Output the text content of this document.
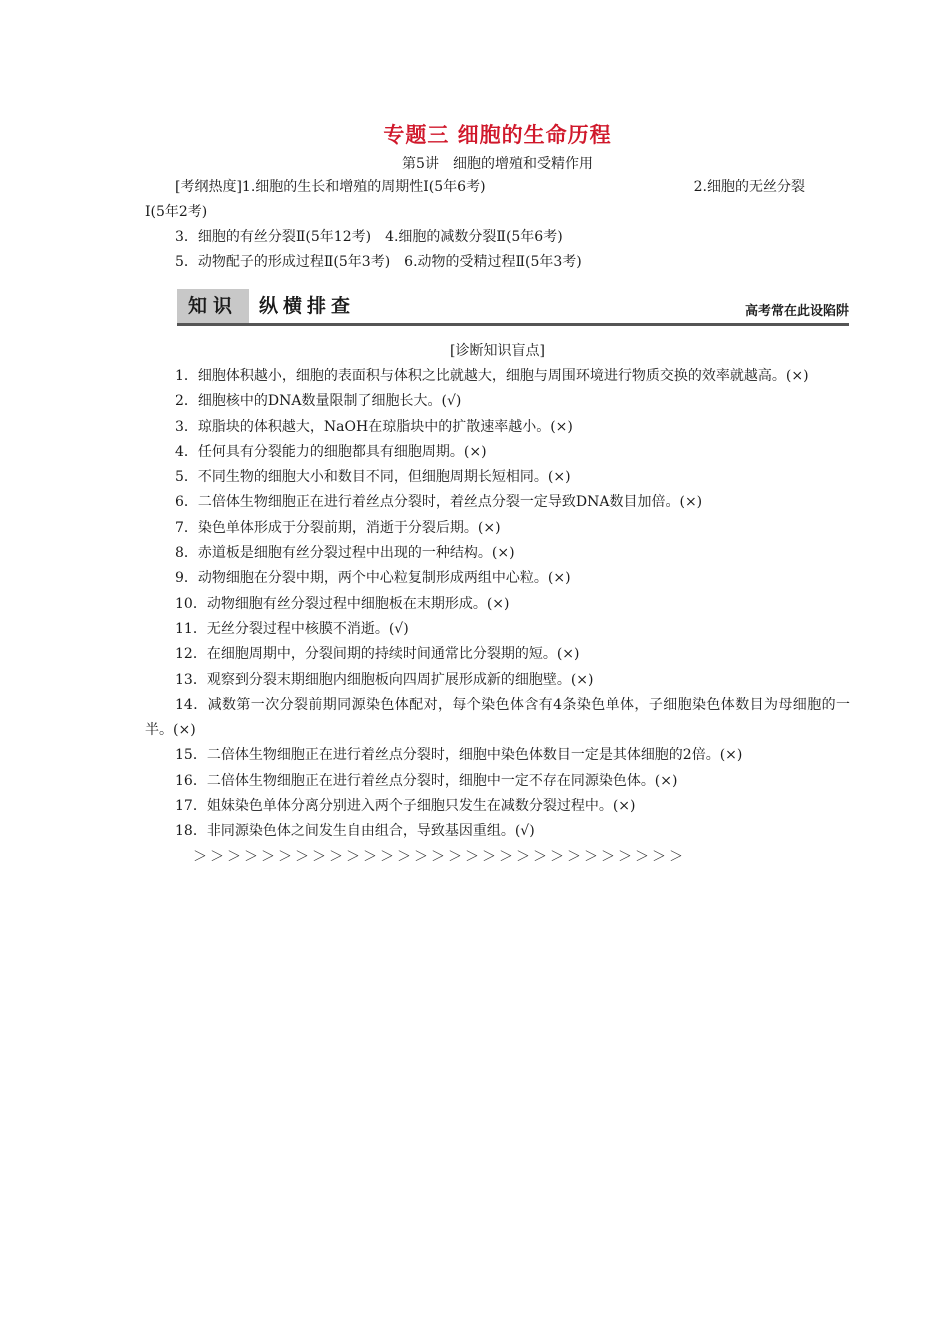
专题三 细胞的生命历程
第5讲　细胞的增殖和受精作用
[考纲热度]1.细胞的生长和增殖的周期性Ⅰ(5年6考)	2.细胞的无丝分裂
Ⅰ(5年2考)
3．细胞的有丝分裂Ⅱ(5年12考)　4.细胞的减数分裂Ⅱ(5年6考)
5．动物配子的形成过程Ⅱ(5年3考)　6.动物的受精过程Ⅱ(5年3考)
知识	纵横排查	高考常在此设陷阱
[诊断知识盲点]
1．细胞体积越小，细胞的表面积与体积之比就越大，细胞与周围环境进行物质交换的效率就越高。(×)
2．细胞核中的DNA数量限制了细胞长大。(√)
3．琼脂块的体积越大，NaOH在琼脂块中的扩散速率越小。(×)
4．任何具有分裂能力的细胞都具有细胞周期。(×)
5．不同生物的细胞大小和数目不同，但细胞周期长短相同。(×)
6．二倍体生物细胞正在进行着丝点分裂时，着丝点分裂一定导致DNA数目加倍。(×)
7．染色单体形成于分裂前期，消逝于分裂后期。(×)
8．赤道板是细胞有丝分裂过程中出现的一种结构。(×)
9．动物细胞在分裂中期，两个中心粒复制形成两组中心粒。(×)
10．动物细胞有丝分裂过程中细胞板在末期形成。(×)
11．无丝分裂过程中核膜不消逝。(√)
12．在细胞周期中，分裂间期的持续时间通常比分裂期的短。(×)
13．观察到分裂末期细胞内细胞板向四周扩展形成新的细胞壁。(×)
14．减数第一次分裂前期同源染色体配对，每个染色体含有4条染色单体，子细胞染色体数目为母细胞的一半。(×)
15．二倍体生物细胞正在进行着丝点分裂时，细胞中染色体数目一定是其体细胞的2倍。(×)
16．二倍体生物细胞正在进行着丝点分裂时，细胞中一定不存在同源染色体。(×)
17．姐妹染色单体分离分别进入两个子细胞只发生在减数分裂过程中。(×)
18．非同源染色体之间发生自由组合，导致基因重组。(√)
＞＞＞＞＞＞＞＞＞＞＞＞＞＞＞＞＞＞＞＞＞＞＞＞＞＞＞＞＞
